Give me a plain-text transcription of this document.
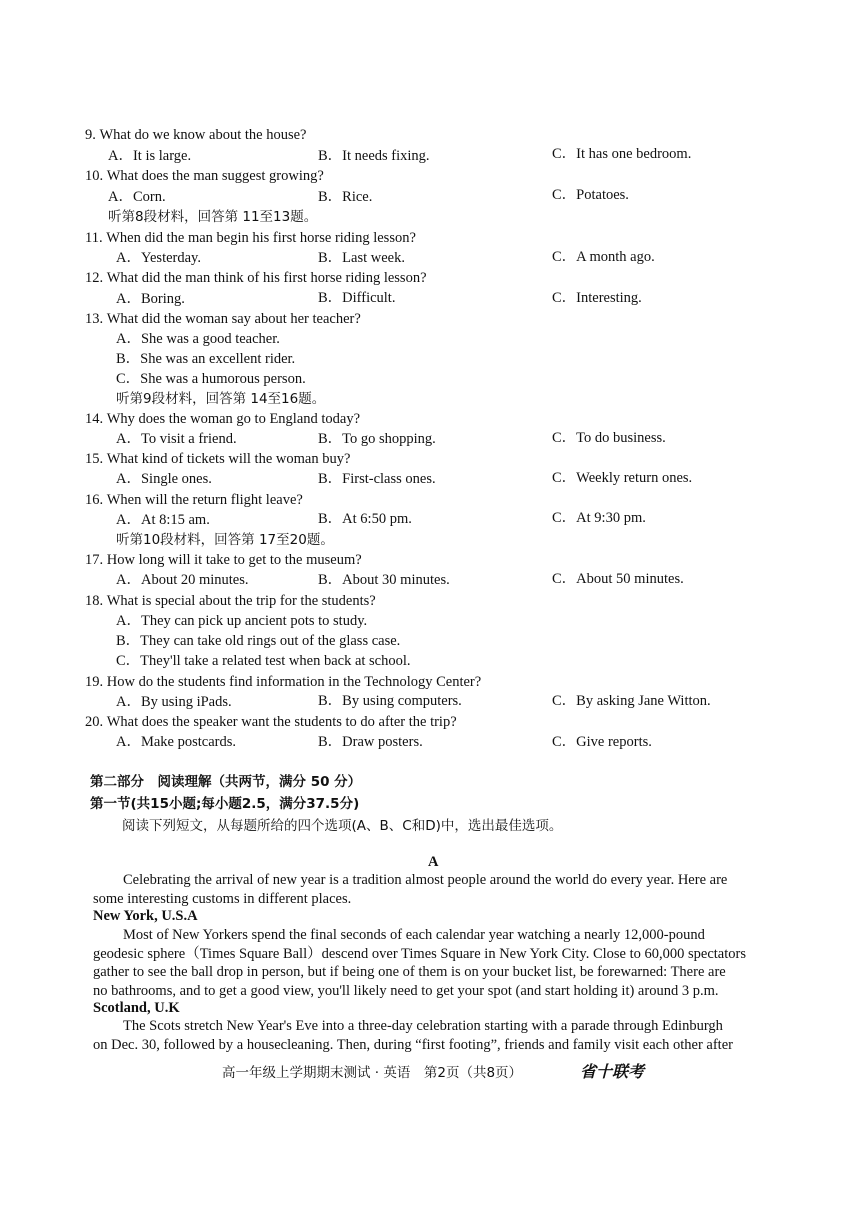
9. What do we know about the house?
A．It is large.	B．It needs fixing.	C．It has one bedroom.
10. What does the man suggest growing?
A．Corn.	B．Rice.	C．Potatoes.
听第8段材料，回答第 11至13题。
11. When did the man begin his first horse riding lesson?
A．Yesterday.	B．Last week.	C．A month ago.
12. What did the man think of his first horse riding lesson?
A．Boring.	B．Difficult.	C．Interesting.
13. What did the woman say about her teacher?
A．She was a good teacher.
B．She was an excellent rider.
C．She was a humorous person.
听第9段材料，回答第 14至16题。
14. Why does the woman go to England today?
A．To visit a friend.	B．To go shopping.	C．To do business.
15. What kind of tickets will the woman buy?
A．Single ones.	B．First-class ones.	C．Weekly return ones.
16. When will the return flight leave?
A．At 8:15 am.	B．At 6:50 pm.	C．At 9:30 pm.
听第10段材料，回答第 17至20题。
17. How long will it take to get to the museum?
A．About 20 minutes.	B．About 30 minutes.	C．About 50 minutes.
18. What is special about the trip for the students?
A．They can pick up ancient pots to study.
B．They can take old rings out of the glass case.
C．They'll take a related test when back at school.
19. How do the students find information in the Technology Center?
A．By using iPads.	B．By using computers.	C．By asking Jane Witton.
20. What does the speaker want the students to do after the trip?
A．Make postcards.	B．Draw posters.	C．Give reports.
第二部分　阅读理解（共两节，满分 50 分）
第一节(共15小题;每小题2.5，满分37.5分)
阅读下列短文，从每题所给的四个选项(A、B、C和D)中，选出最佳选项。
A
Celebrating the arrival of new year is a tradition almost people around the world do every year. Here are
some interesting customs in different places.
New York, U.S.A
Most of New Yorkers spend the final seconds of each calendar year watching a nearly 12,000-pound
geodesic sphere（Times Square Ball）descend over Times Square in New York City. Close to 60,000 spectators
gather to see the ball drop in person, but if being one of them is on your bucket list, be forewarned: There are
no bathrooms, and to get a good view, you'll likely need to get your spot (and start holding it) around 3 p.m.
Scotland, U.K
The Scots stretch New Year's Eve into a three-day celebration starting with a parade through Edinburgh
on Dec. 30, followed by a housecleaning. Then, during “first footing”, friends and family visit each other after
高一年级上学期期末测试 · 英语　第2页（共8页）	省十联考
